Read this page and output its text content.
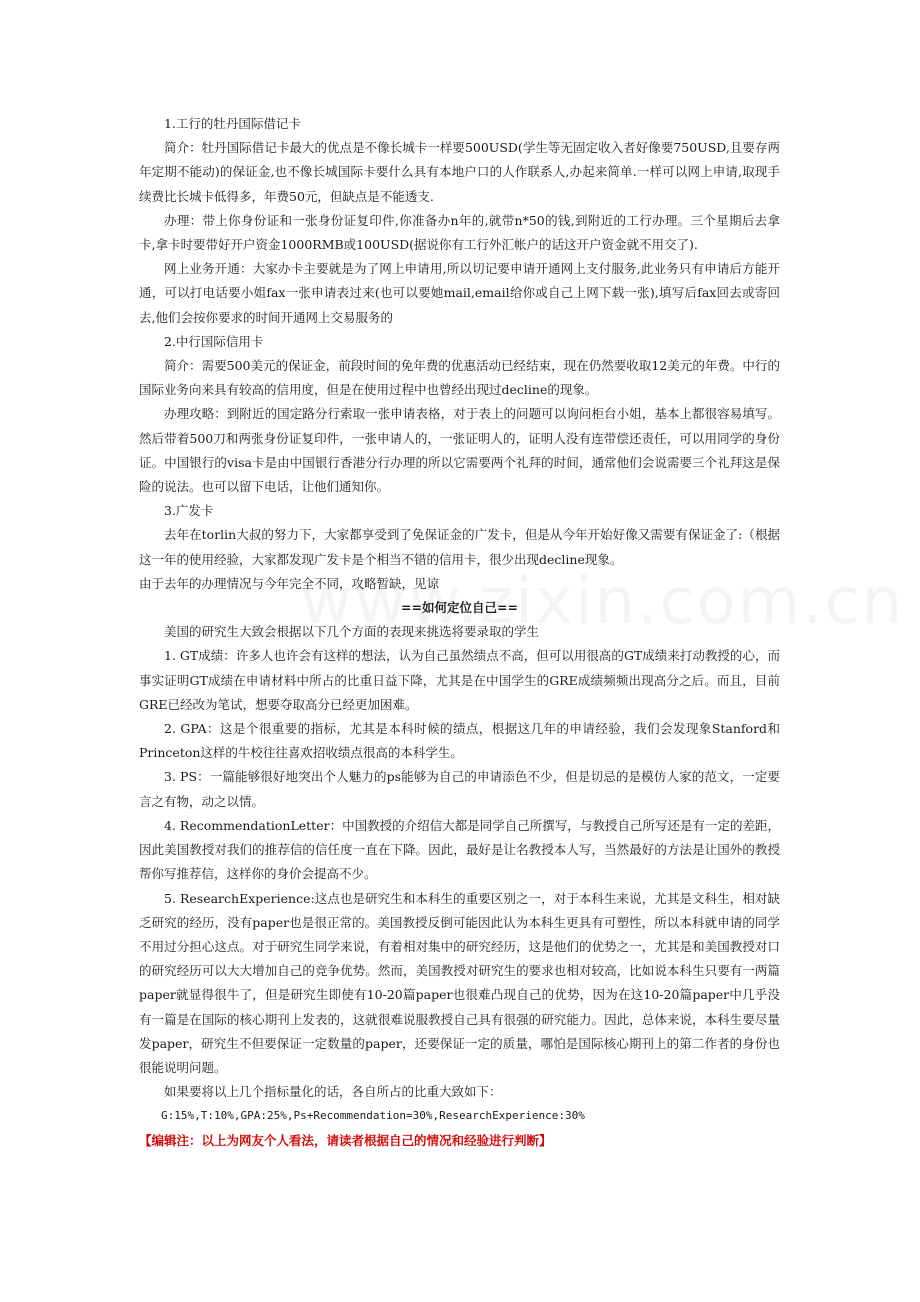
1.工行的牡丹国际借记卡

简介：牡丹国际借记卡最大的优点是不像长城卡一样要500USD(学生等无固定收入者好像要750USD,且要存两年定期不能动)的保证金,也不像长城国际卡要什么具有本地户口的人作联系人,办起来简单.一样可以网上申请,取现手续费比长城卡低得多，年费50元，但缺点是不能透支.

办理：带上你身份证和一张身份证复印件,你准备办n年的,就带n*50的钱,到附近的工行办理。三个星期后去拿卡,拿卡时要带好开户资金1000RMB或100USD(据说你有工行外汇帐户的话这开户资金就不用交了).

网上业务开通：大家办卡主要就是为了网上申请用,所以切记要申请开通网上支付服务,此业务只有申请后方能开通，可以打电话要小姐fax一张申请表过来(也可以要她mail,email给你或自己上网下载一张),填写后fax回去或寄回去,他们会按你要求的时间开通网上交易服务的

2.中行国际信用卡

简介：需要500美元的保证金，前段时间的免年费的优惠活动已经结束，现在仍然要收取12美元的年费。中行的国际业务向来具有较高的信用度，但是在使用过程中也曾经出现过decline的现象。

办理攻略：到附近的国定路分行索取一张申请表格，对于表上的问题可以询问柜台小姐，基本上都很容易填写。然后带着500刀和两张身份证复印件，一张申请人的，一张证明人的，证明人没有连带偿还责任，可以用同学的身份证。中国银行的visa卡是由中国银行香港分行办理的所以它需要两个礼拜的时间，通常他们会说需要三个礼拜这是保险的说法。也可以留下电话，让他们通知你。

3.广发卡

去年在torlin大叔的努力下，大家都享受到了免保证金的广发卡，但是从今年开始好像又需要有保证金了:（根据这一年的使用经验，大家都发现广发卡是个相当不错的信用卡，很少出现decline现象。

由于去年的办理情况与今年完全不同，攻略暂缺，见谅

==如何定位自己==

美国的研究生大致会根据以下几个方面的表现来挑选将要录取的学生

1. GT成绩：许多人也许会有这样的想法，认为自己虽然绩点不高，但可以用很高的GT成绩来打动教授的心，而事实证明GT成绩在申请材料中所占的比重日益下降，尤其是在中国学生的GRE成绩频频出现高分之后。而且，目前GRE已经改为笔试，想要夺取高分已经更加困难。

2. GPA：这是个很重要的指标，尤其是本科时候的绩点，根据这几年的申请经验，我们会发现象Stanford和Princeton这样的牛校往往喜欢招收绩点很高的本科学生。

3. PS：一篇能够很好地突出个人魅力的ps能够为自己的申请添色不少，但是切忌的是模仿人家的范文，一定要言之有物，动之以情。

4. RecommendationLetter：中国教授的介绍信大都是同学自己所撰写，与教授自己所写还是有一定的差距，因此美国教授对我们的推荐信的信任度一直在下降。因此，最好是让名教授本人写，当然最好的方法是让国外的教授帮你写推荐信，这样你的身价会提高不少。

5. ResearchExperience:这点也是研究生和本科生的重要区别之一，对于本科生来说，尤其是文科生，相对缺乏研究的经历，没有paper也是很正常的。美国教授反倒可能因此认为本科生更具有可塑性，所以本科就申请的同学不用过分担心这点。对于研究生同学来说，有着相对集中的研究经历，这是他们的优势之一，尤其是和美国教授对口的研究经历可以大大增加自己的竞争优势。然而，美国教授对研究生的要求也相对较高，比如说本科生只要有一两篇paper就显得很牛了，但是研究生即使有10-20篇paper也很难凸现自己的优势，因为在这10-20篇paper中几乎没有一篇是在国际的核心期刊上发表的，这就很难说服教授自己具有很强的研究能力。因此，总体来说，本科生要尽量发paper，研究生不但要保证一定数量的paper，还要保证一定的质量，哪怕是国际核心期刊上的第二作者的身份也很能说明问题。

如果要将以上几个指标量化的话，各自所占的比重大致如下：

G:15%,T:10%,GPA:25%,Ps+Recommendation=30%,ResearchExperience:30%

【编辑注：以上为网友个人看法，请读者根据自己的情况和经验进行判断】
